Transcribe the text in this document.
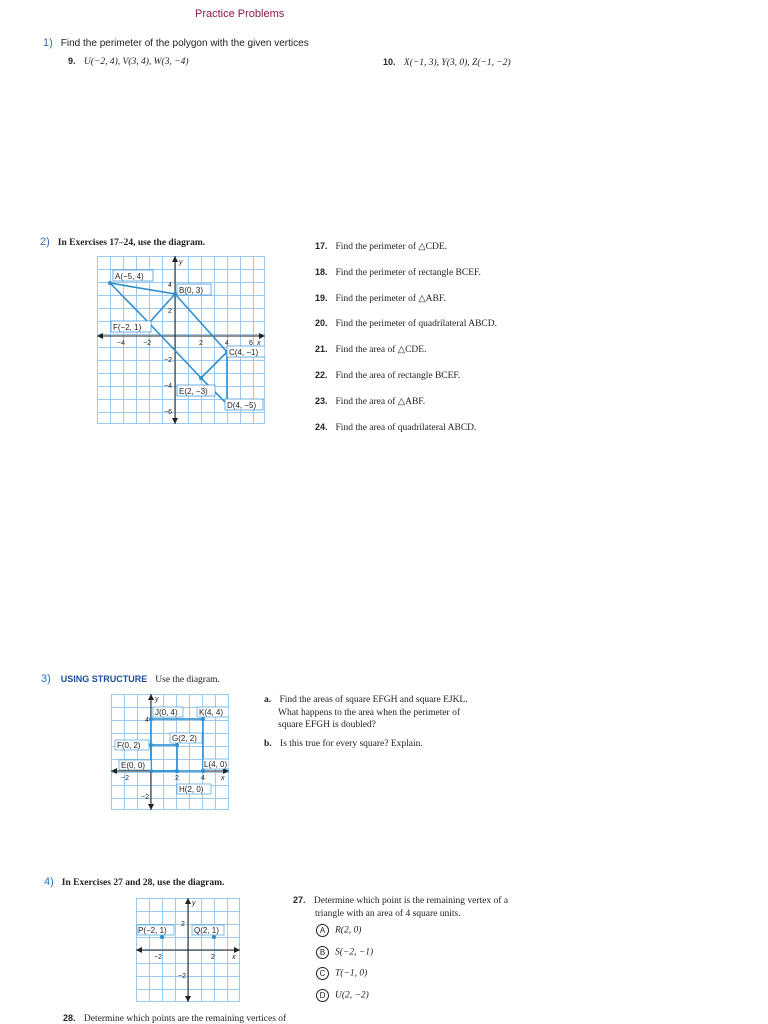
Practice Problems
1) Find the perimeter of the polygon with the given vertices
9. U(−2, 4), V(3, 4), W(3, −4)	10. X(−1, 3), Y(3, 0), Z(−1, −2)
2) In Exercises 17–24, use the diagram.
A(−5, 4)
B(0, 3)
F(−2, 1)
C(4, −1)
E(2, −3)
D(4, −5)
−4	−2	2	4	6 x
y
4
2
−2
−4
−6
17. Find the perimeter of △CDE.
18. Find the perimeter of rectangle BCEF.
19. Find the perimeter of △ABF.
20. Find the perimeter of quadrilateral ABCD.
21. Find the area of △CDE.
22. Find the area of rectangle BCEF.
23. Find the area of △ABF.
24. Find the area of quadrilateral ABCD.
3) USING STRUCTURE Use the diagram.
J(0, 4)	K(4, 4)
G(2, 2)
F(0, 2)
E(0, 0)	L(4, 0)
H(2, 0)
4
−2	2	4 x
y
−2
a. Find the areas of square EFGH and square EJKL.
What happens to the area when the perimeter of
square EFGH is doubled?
b. Is this true for every square? Explain.
4) In Exercises 27 and 28, use the diagram.
P(−2, 1)	Q(2, 1)
2
−2	2 x
y
−2
27. Determine which point is the remaining vertex of a
triangle with an area of 4 square units.
A R(2, 0)
B S(−2, −1)
C T(−1, 0)
D U(2, −2)
28. Determine which points are the remaining vertices of
